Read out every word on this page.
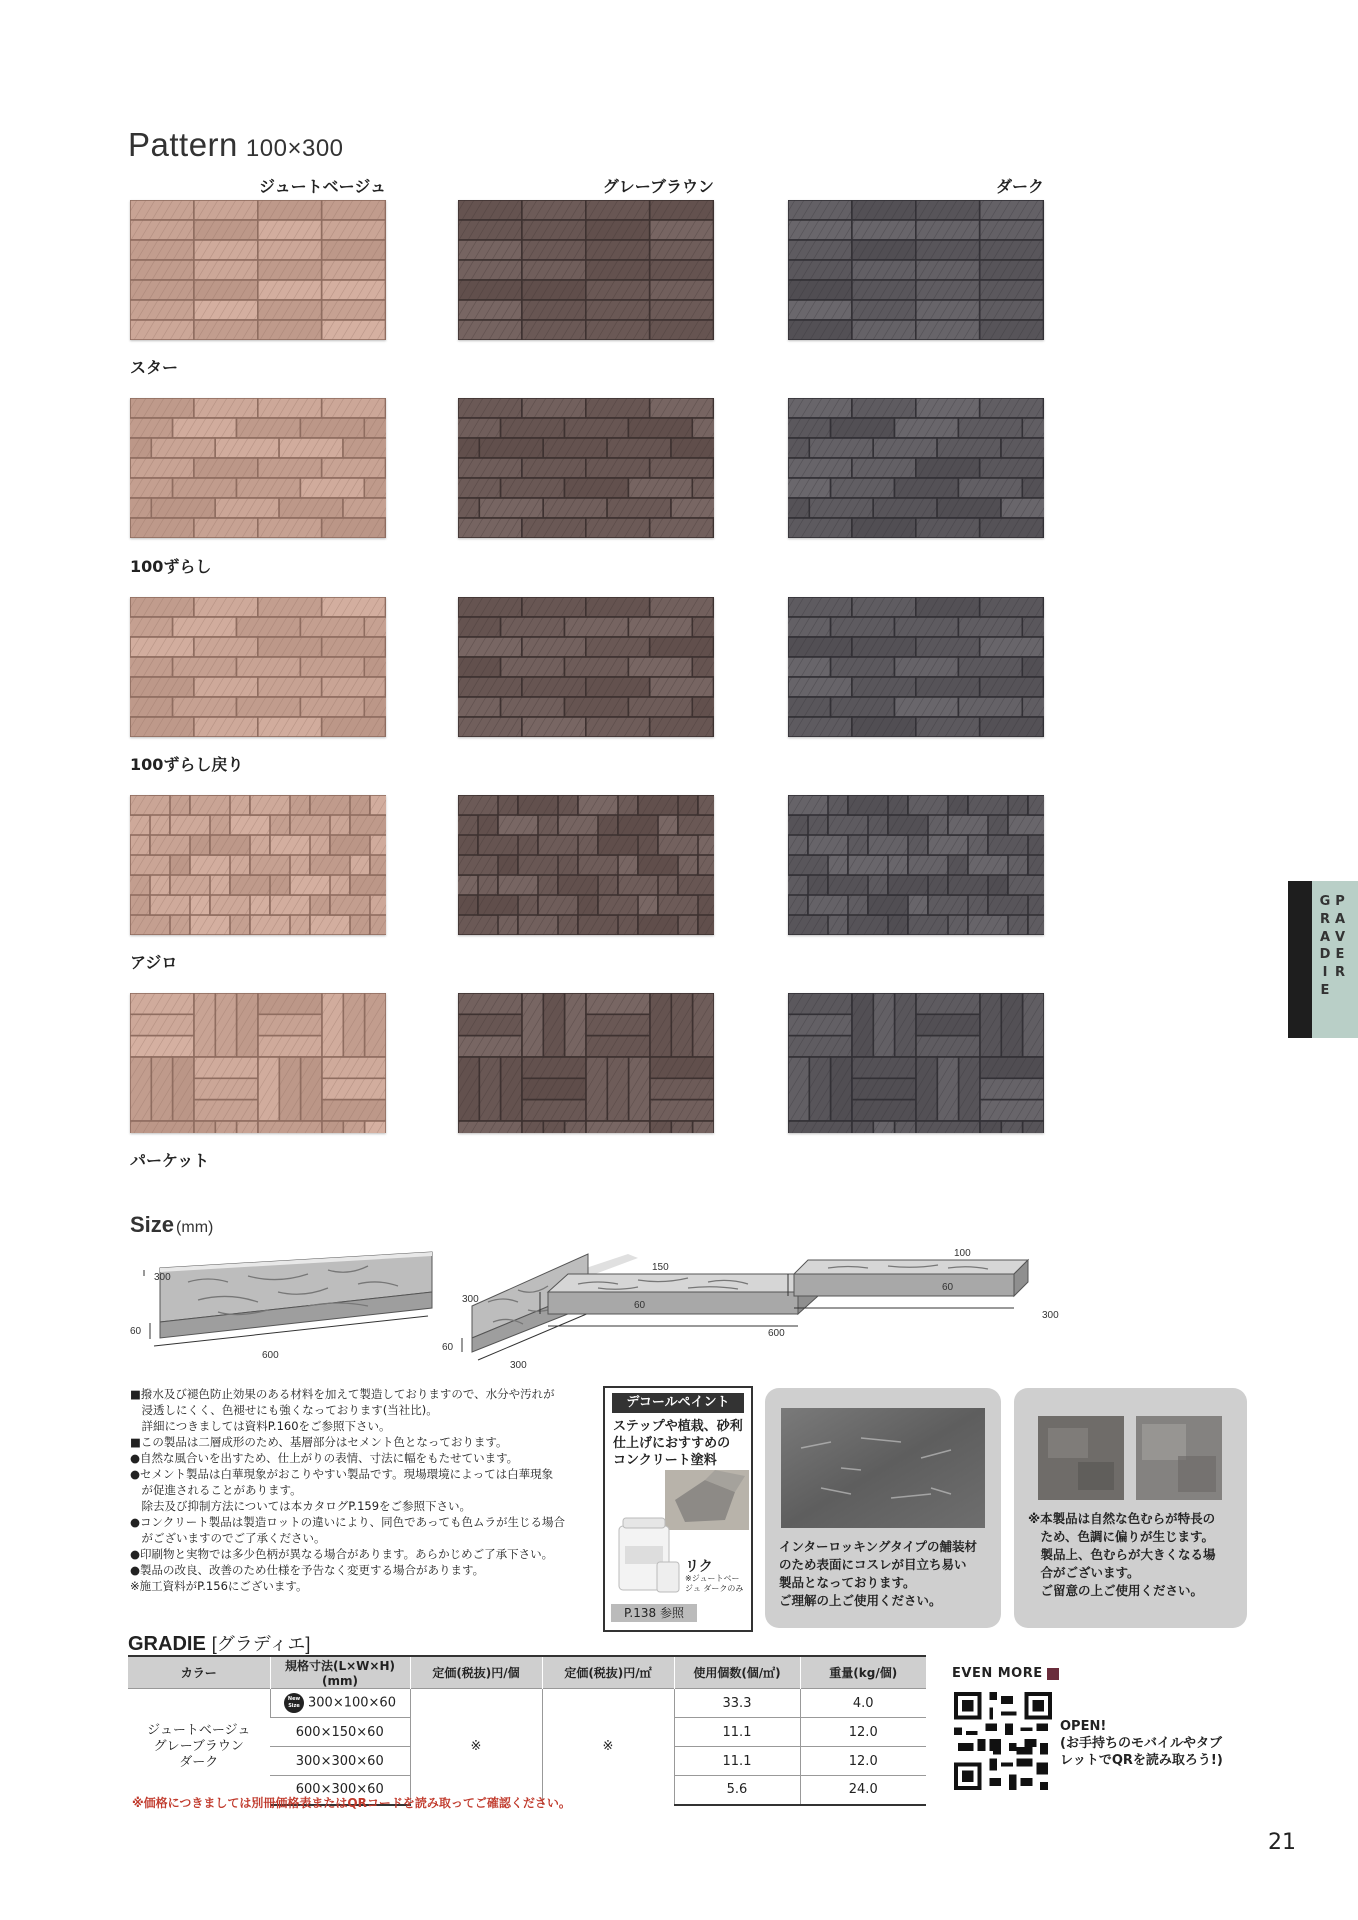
Pattern 100×300
ジュートベージュ	グレーブラウン	ダーク
スター
100ずらし
100ずらし戻り
アジロ
パーケット
G
R
A
D
I
E
P
A
V
E
R
Size (mm)
300
60
600
300
60
300
150
60
600
100
60
300

■撥水及び褪色防止効果のある材料を加えて製造しておりますので、水分や汚れが

　浸透しにくく、色褪せにも強くなっております(当社比)。

　詳細につきましては資料P.160をご参照下さい。

■この製品は二層成形のため、基層部分はセメント色となっております。

●自然な風合いを出すため、仕上がりの表情、寸法に幅をもたせています。

●セメント製品は白華現象がおこりやすい製品です。現場環境によっては白華現象

　が促進されることがあります。

　除去及び抑制方法については本カタログP.159をご参照下さい。

●コンクリート製品は製造ロットの違いにより、同色であっても色ムラが生じる場合

　がございますのでご了承ください。

●印刷物と実物では多少色柄が異なる場合があります。あらかじめご了承下さい。

●製品の改良、改善のため仕様を予告なく変更する場合があります。

※施工資料がP.156にございます。

デコールペイント
ステップや植栽、砂利
仕上げにおすすめの
コンクリート塗料
リク
※ジュートベージュ ダークのみ
P.138 参照
インターロッキングタイプの舗装材
のため表面にコスレが目立ち易い
製品となっております。
ご理解の上ご使用ください。
※本製品は自然な色むらが特長の
　ため、色調に偏りが生じます。
　製品上、色むらが大きくなる場
　合がございます。
　ご留意の上ご使用ください。
GRADIE [グラディエ]
カラー	規格寸法(L×W×H)(mm)	定価(税抜)円/個	定価(税抜)円/㎡	使用個数(個/㎡)	重量(kg/個)

ジュートベージュ
グレーブラウン
ダーク	New Size 300×100×60	※	※	33.3	4.0
	600×150×60			11.1	12.0
	300×300×60			11.1	12.0
	600×300×60			5.6	24.0
※価格につきましては別冊価格表またはQRコードを読み取ってご確認ください。
EVEN MORE
OPEN!
(お手持ちのモバイルやタブ
レットでQRを読み取ろう!)
21
